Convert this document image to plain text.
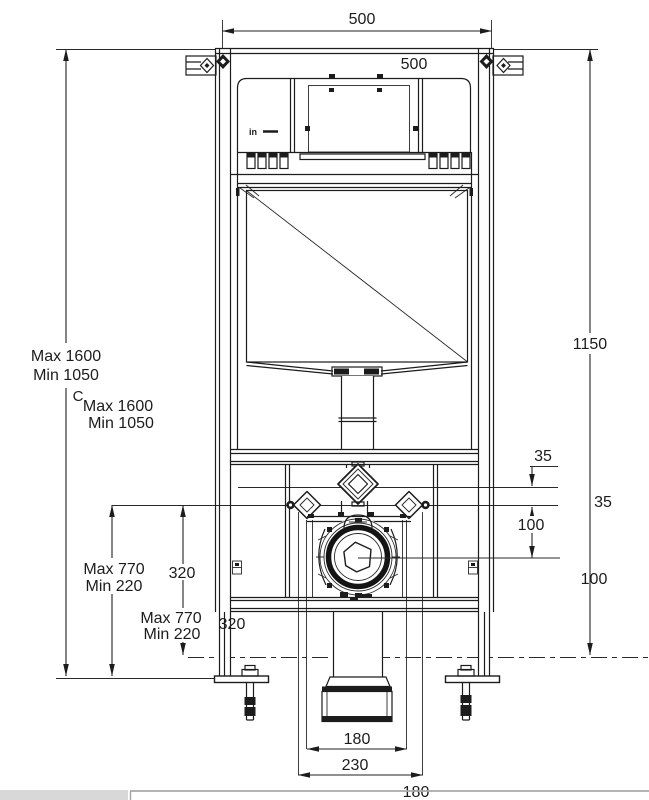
500
500
1150
Max 1600
Min 1050
C
Max 1600
Min 1050
Max 770
Min 220
320
Max 770
Min 220
320
35
35
100
100
180
230
180
in
